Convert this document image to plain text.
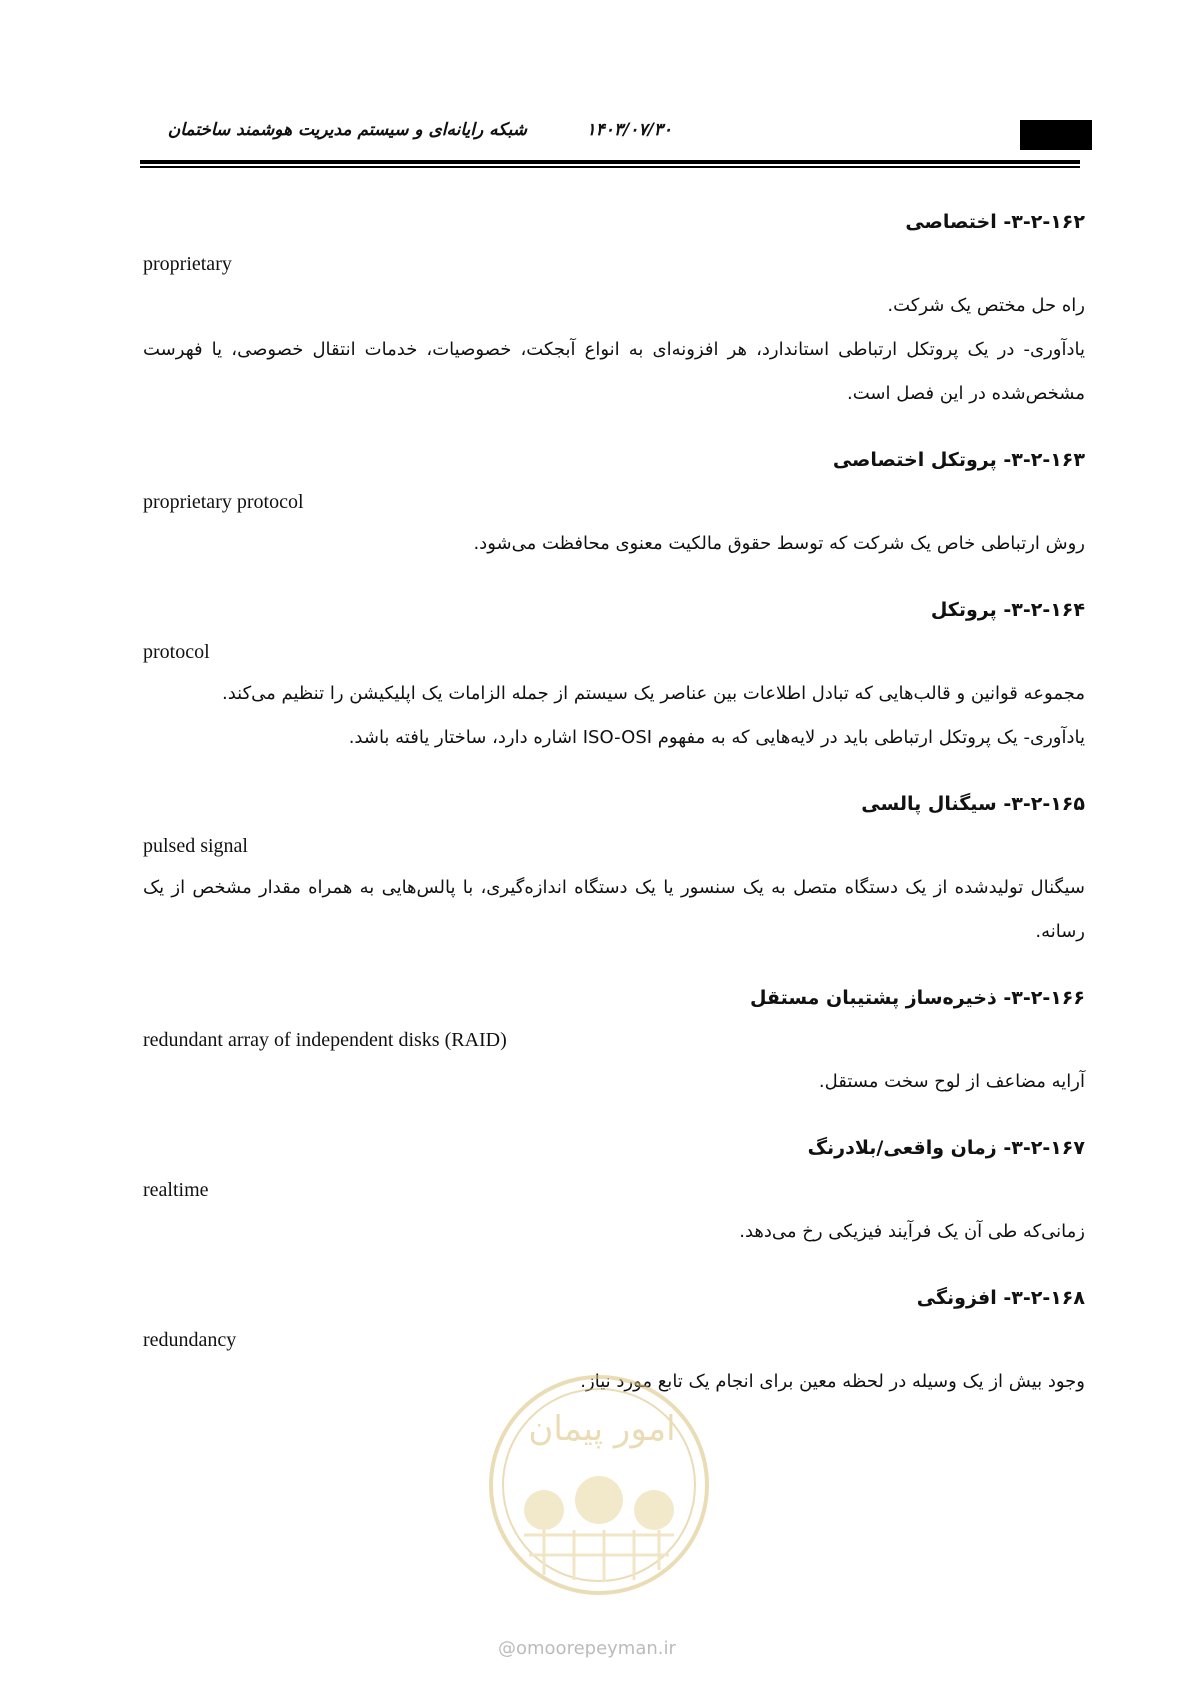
شبکه رایانه‌ای و سیستم مدیریت هوشمند ساختمان	۱۴۰۳/۰۷/۳۰
۳-۲-۱۶۲- اختصاصی

proprietary

راه حل مختص یک شرکت.

یادآوری- در یک پروتکل ارتباطی استاندارد، هر افزونه‌ای به انواع آبجکت، خصوصیات، خدمات انتقال خصوصی، یا فهرست مشخص‌شده در این فصل است.

۳-۲-۱۶۳- پروتکل اختصاصی

proprietary protocol

روش ارتباطی خاص یک شرکت که توسط حقوق مالکیت معنوی محافظت می‌شود.

۳-۲-۱۶۴- پروتکل

protocol

مجموعه قوانین و قالب‌هایی که تبادل اطلاعات بین عناصر یک سیستم از جمله الزامات یک اپلیکیشن را تنظیم می‌کند.

یادآوری- یک پروتکل ارتباطی باید در لایه‌هایی که به مفهوم ISO-OSI اشاره دارد، ساختار یافته باشد.

۳-۲-۱۶۵- سیگنال پالسی

pulsed signal

سیگنال تولیدشده از یک دستگاه متصل به یک سنسور یا یک دستگاه اندازه‌گیری، با پالس‌هایی به همراه مقدار مشخص از یک رسانه.

۳-۲-۱۶۶- ذخیره‌ساز پشتیبان مستقل

redundant array of independent disks (RAID)

آرایه مضاعف از لوح سخت مستقل.

۳-۲-۱۶۷- زمان واقعی/بلادرنگ

realtime

زمانی‌که طی آن یک فرآیند فیزیکی رخ می‌دهد.

۳-۲-۱۶۸- افزونگی

redundancy

وجود بیش از یک وسیله در لحظه معین برای انجام یک تابع مورد نیاز.

امور پیمان
@omoorepeyman.ir
